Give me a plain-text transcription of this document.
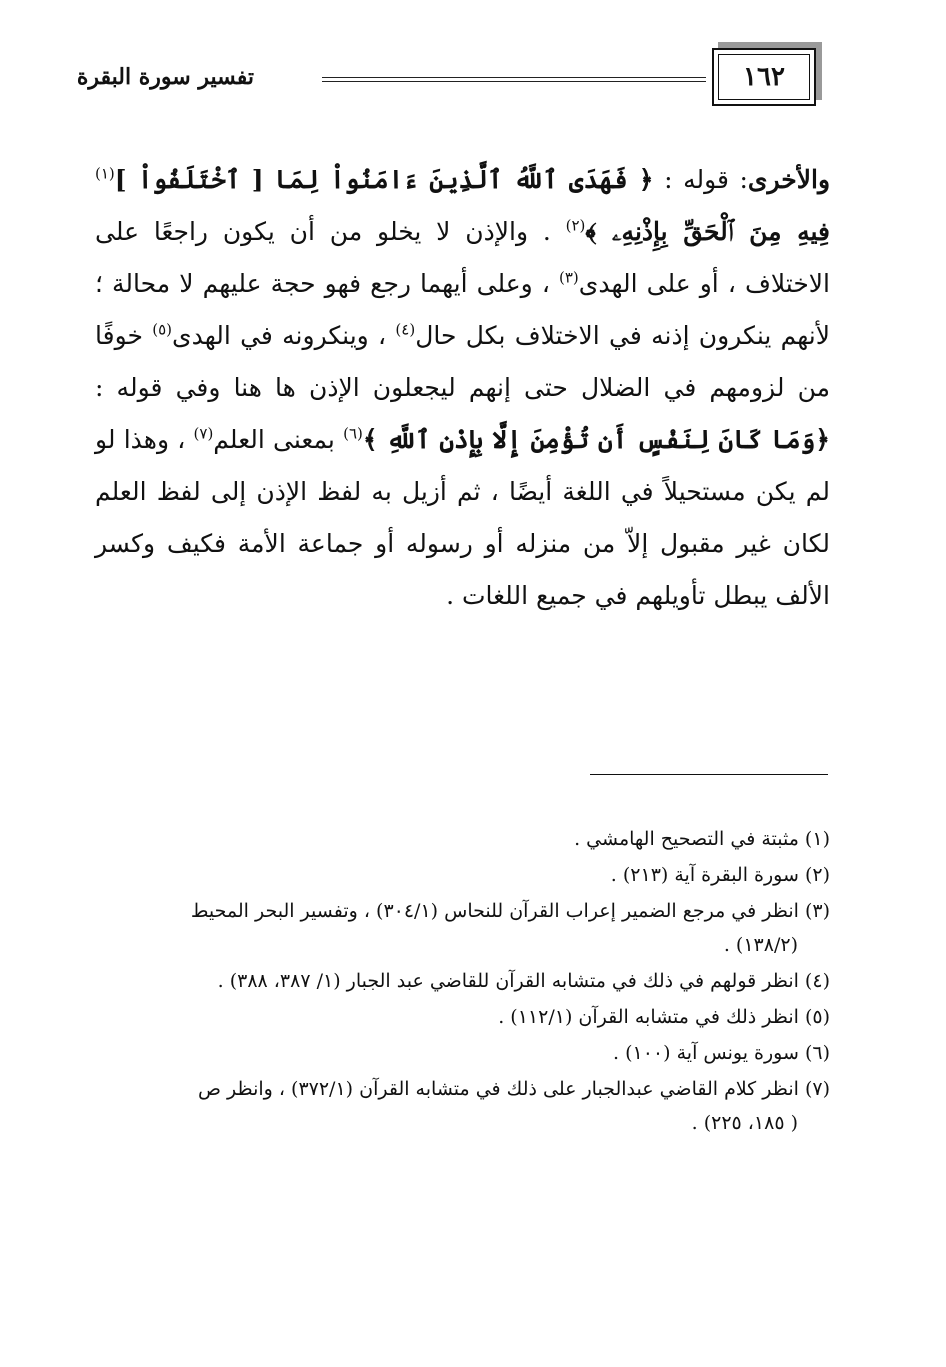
١٦٢
تفسير سورة البقرة

والأخرى: قوله : ﴿ فَهَدَى ٱللَّهُ ٱلَّذِينَ ءَامَنُواْ لِمَا [ ٱخْتَلَفُواْ ]$^{(١)}$ فِيهِ مِنَ ٱلْحَقِّ بِإِذْنِهِۦ ﴾$^{(٢)}$ . والإذن لا يخلو من أن يكون راجعًا على الاختلاف ، أو على الهدى$^{(٣)}$ ، وعلى أيهما رجع فهو حجة عليهم لا محالة ؛ لأنهم ينكرون إذنه في الاختلاف بكل حال$^{(٤)}$ ، وينكرونه في الهدى$^{(٥)}$ خوفًا من لزومهم في الضلال حتى إنهم ليجعلون الإذن ها هنا وفي قوله : ﴿وَمَا كَانَ لِنَفْسٍ أَن تُؤْمِنَ إِلَّا بِإِذْنِ ٱللَّهِ ﴾$^{(٦)}$ بمعنى العلم$^{(٧)}$ ، وهذا لو لم يكن مستحيلاً في اللغة أيضًا ، ثم أزيل به لفظ الإذن إلى لفظ العلم لكان غير مقبول إلاّ من منزله أو رسوله أو جماعة الأمة فكيف وكسر الألف يبطل تأويلهم في جميع اللغات .

(١) مثبتة في التصحيح الهامشي .

(٢) سورة البقرة آية (٢١٣) .

(٣) انظر في مرجع الضمير إعراب القرآن للنحاس (٣٠٤/١) ، وتفسير البحر المحيط
(١٣٨/٢) .

(٤) انظر قولهم في ذلك في متشابه القرآن للقاضي عبد الجبار (١/ ٣٨٧، ٣٨٨) .

(٥) انظر ذلك في متشابه القرآن (١١٢/١) .

(٦) سورة يونس آية (١٠٠) .

(٧) انظر كلام القاضي عبدالجبار على ذلك في متشابه القرآن (٣٧٢/١) ، وانظر ص
( ١٨٥، ٢٢٥) .
